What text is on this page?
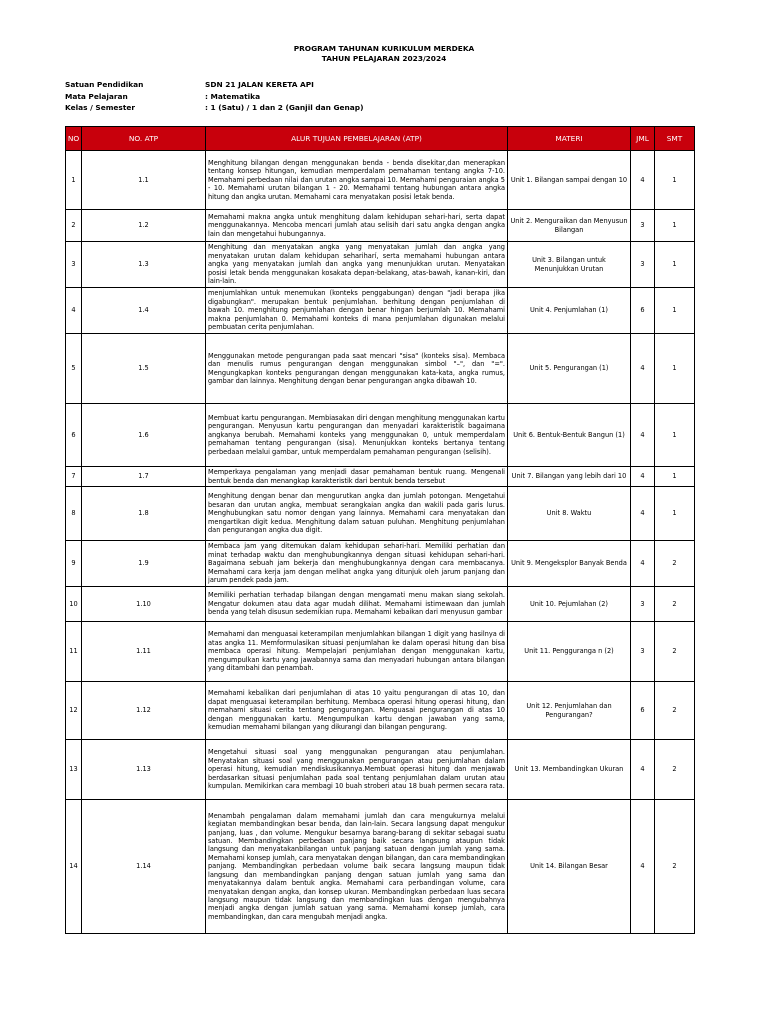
PROGRAM TAHUNAN KURIKULUM MERDEKA
TAHUN PELAJARAN 2023/2024
Satuan Pendidikan	SDN 21 JALAN KERETA API
Mata Pelajaran	: Matematika
Kelas / Semester	: 1 (Satu) / 1 dan 2 (Ganjil dan Genap)
NO	NO. ATP	ALUR TUJUAN PEMBELAJARAN (ATP)	MATERI	JML	SMT
1	1.1	Menghitung bilangan dengan menggunakan benda - benda disekitar,dan menerapkan tentang konsep hitungan, kemudian memperdalam pemahaman tentang angka 7-10. Memahami perbedaan nilai dan urutan angka sampai 10. Memahami penguraian angka 5 - 10. Memahami urutan bilangan 1 - 20. Memahami tentang hubungan antara angka hitung dan angka urutan. Memahami cara menyatakan posisi letak benda.	Unit 1. Bilangan sampai dengan 10	4	1
2	1.2	Memahami makna angka untuk menghitung dalam kehidupan sehari-hari, serta dapat menggunakannya. Mencoba mencari jumlah atau selisih dari satu angka dengan angka lain dan mengetahui hubungannya.	Unit 2. Menguraikan dan Menyusun Bilangan	3	1
3	1.3	Menghitung dan menyatakan angka yang menyatakan jumlah dan angka yang menyatakan urutan dalam kehidupan sehariharí, serta memahami hubungan antara angka yang menyatakan jumlah dan angka yang menunjukkan urutan. Menyatakan posisi letak benda menggunakan kosakata depan-belakang, atas-bawah, kanan-kiri, dan lain-lain.	Unit 3. Bilangan untuk Menunjukkan Urutan	3	1
4	1.4	menjumlahkan untuk menemukan (konteks penggabungan) dengan "jadi berapa jika digabungkan". merupakan bentuk penjumlahan. berhitung dengan penjumlahan di bawah 10. menghitung penjumlahan dengan benar hingan berjumlah 10. Memahami makna penjumlahan 0. Memahami konteks di mana penjumlahan digunakan melalui pembuatan cerita penjumlahan.	Unit 4. Penjumlahan (1)	6	1
5	1.5	Menggunakan metode pengurangan pada saat mencari "sisa" (konteks sisa). Membaca dan menulis rumus pengurangan dengan menggunakan simbol "–", dan "=". Mengungkapkan konteks pengurangan dengan menggunakan kata-kata, angka rumus, gambar dan lainnya. Menghitung dengan benar pengurangan angka dibawah 10.	Unit 5. Pengurangan (1)	4	1
6	1.6	Membuat kartu pengurangan. Membiasakan diri dengan menghitung menggunakan kartu pengurangan. Menyusun kartu pengurangan dan menyadari karakteristik bagaimana angkanya berubah. Memahami konteks yang menggunakan 0, untuk memperdalam pemahaman tentang pengurangan (sisa). Menunjukkan konteks bertanya tentang perbedaan melalui gambar, untuk memperdalam pemahaman pengurangan (selisih).	Unit 6. Bentuk-Bentuk Bangun (1)	4	1
7	1.7	Memperkaya pengalaman yang menjadi dasar pemahaman bentuk ruang. Mengenali bentuk benda dan menangkap karakteristik dari bentuk benda tersebut	Unit 7. Bilangan yang lebih dari 10	4	1
8	1.8	Menghitung dengan benar dan mengurutkan angka dan jumlah potongan. Mengetahui besaran dan urutan angka, membuat serangkaian angka dan wakili pada garis lurus. Menghubungkan satu nomor dengan yang lainnya. Memahami cara menyatakan dan mengartikan digit kedua. Menghitung dalam satuan puluhan. Menghitung penjumlahan dan pengurangan angka dua digit.	Unit 8. Waktu	4	1
9	1.9	Membaca jam yang ditemukan dalam kehidupan sehari-hari. Memiliki perhatian dan minat terhadap waktu dan menghubungkannya dengan situasi kehidupan sehari-hari. Bagaimana sebuah jam bekerja dan menghubungkannya dengan cara membacanya. Memahami cara kerja jam dengan melihat angka yang ditunjuk oleh jarum panjang dan jarum pendek pada jam.	Unit 9. Mengeksplor Banyak Benda	4	2
10	1.10	Memiliki perhatian terhadap bilangan dengan mengamati menu makan siang sekolah. Mengatur dokumen atau data agar mudah dilihat. Memahami istimewaan dan jumlah benda yang telah disusun sedemikian rupa. Memahami kebaikan dari menyusun gambar	Unit 10. Pejumlahan (2)	3	2
11	1.11	Memahami dan menguasai keterampilan menjumlahkan bilangan 1 digit yang hasilnya di atas angka 11. Memformulasikan situasi penjumlahan ke dalam operasi hitung dan bisa membaca operasi hitung. Mempelajari penjumlahan dengan menggunakan kartu, mengumpulkan kartu yang jawabannya sama dan menyadari hubungan antara bilangan yang ditambahi dan penambah.	Unit 11. Pengguranga n (2)	3	2
12	1.12	Memahami kebalikan dari penjumlahan di atas 10 yaitu pengurangan di atas 10, dan dapat menguasai keterampilan berhitung. Membaca operasi hitung operasi hitung, dan memahami situasi cerita tentang pengurangan. Menguasai pengurangan di atas 10 dengan menggunakan kartu. Mengumpulkan kartu dengan jawaban yang sama, kemudian memahami bilangan yang dikurangi dan bilangan pengurang.	Unit 12. Penjumlahan dan Pengurangan?	6	2
13	1.13	Mengetahui situasi soal yang menggunakan pengurangan atau penjumlahan. Menyatakan situasi soal yang menggunakan pengurangan atau penjumlahan dalam operasi hitung, kemudian mendiskusikannya.Membuat operasi hitung dan menjawab berdasarkan situasi penjumlahan pada soal tentang penjumlahan dalam urutan atau kumpulan. Memikirkan cara membagi 10 buah stroberi atau 18 buah permen secara rata.	Unit 13. Membandingkan Ukuran	4	2
14	1.14	Menambah pengalaman dalam memahami jumlah dan cara mengukurnya melalui kegiatan membandingkan besar benda, dan lain-lain. Secara langsung dapat mengukur panjang, luas , dan volume. Mengukur besarnya barang-barang di sekitar sebagai suatu satuan. Membandingkan perbedaan panjang baik secara langsung ataupun tidak langsung dan menyatakanbilangan untuk panjang satuan dengan jumlah yang sama. Memahami konsep jumlah, cara menyatakan dengan bilangan, dan cara membandingkan panjang. Membandingkan perbedaan volume baik secara langsung maupun tidak langsung dan membandingkan panjang dengan satuan jumlah yang sama dan menyatakannya dalam bentuk angka. Memahami cara perbandingan volume, cara menyatakan dengan angka, dan konsep ukuran. Membandingkan perbedaan luas secara langsung maupun tidak langsung dan membandingkan luas dengan mengubahnya menjadi angka dengan jumlah satuan yang sama. Memahami konsep jumlah, cara membandingkan, dan cara mengubah menjadi angka.	Unit 14. Bilangan Besar	4	2
